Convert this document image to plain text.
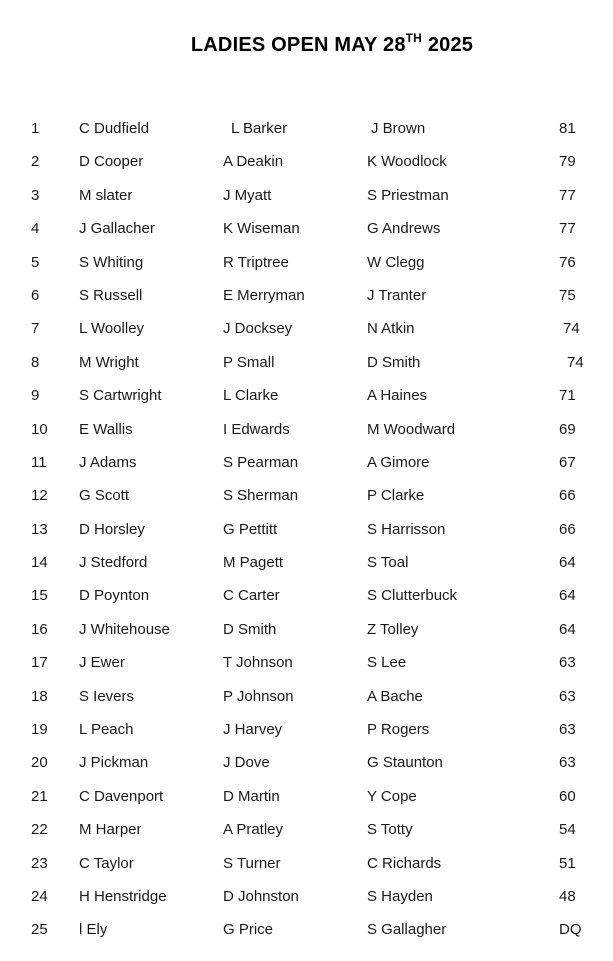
LADIES OPEN MAY 28TH 2025
1	C Dudfield	L Barker	J Brown	81
2	D Cooper	A Deakin	K Woodlock	79
3	M slater	J Myatt	S Priestman	77
4	J Gallacher	K Wiseman	G Andrews	77
5	S Whiting	R Triptree	W Clegg	76
6	S Russell	E Merryman	J Tranter	75
7	L Woolley	J Docksey	N Atkin	74
8	M Wright	P Small	D Smith	74
9	S Cartwright	L Clarke	A Haines	71
10 E Wallis	I Edwards	M Woodward	69
11 J Adams	S Pearman	A Gimore	67
12 G Scott	S Sherman	P Clarke	66
13 D Horsley	G Pettitt	S Harrisson	66
14 J Stedford	M Pagett	S Toal	64
15 D Poynton	C Carter	S Clutterbuck	64
16 J Whitehouse	D Smith	Z Tolley	64
17 J Ewer	T Johnson	S Lee	63
18 S Ievers	P Johnson	A Bache	63
19 L Peach	J Harvey	P Rogers	63
20 J Pickman	J Dove	G Staunton	63
21 C Davenport	D Martin	Y Cope	60
22 M Harper	A Pratley	S Totty	54
23 C Taylor	S Turner	C Richards	51
24 H Henstridge	D Johnston	S Hayden	48
25 l Ely	G Price	S Gallagher	DQ
